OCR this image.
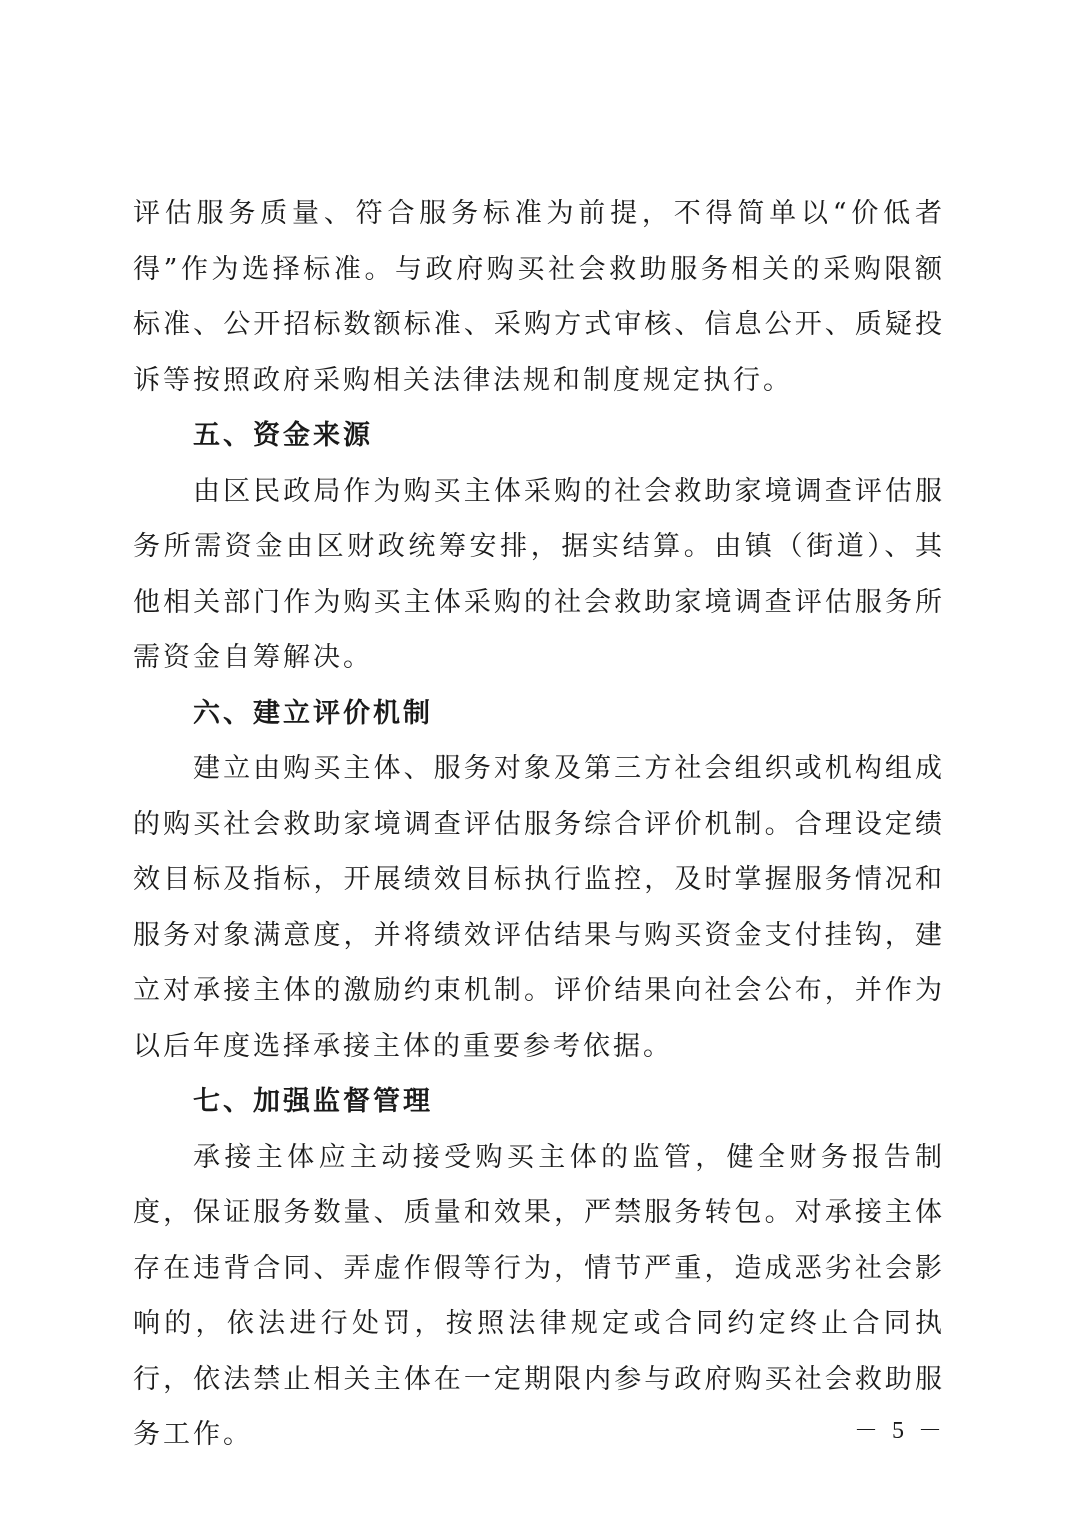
评估服务质量、符合服务标准为前提，不得简单以“价低者得”作为选择标准。与政府购买社会救助服务相关的采购限额标准、公开招标数额标准、采购方式审核、信息公开、质疑投诉等按照政府采购相关法律法规和制度规定执行。

五、资金来源

由区民政局作为购买主体采购的社会救助家境调查评估服务所需资金由区财政统筹安排，据实结算。由镇（街道）、其他相关部门作为购买主体采购的社会救助家境调查评估服务所需资金自筹解决。

六、建立评价机制

建立由购买主体、服务对象及第三方社会组织或机构组成的购买社会救助家境调查评估服务综合评价机制。合理设定绩效目标及指标，开展绩效目标执行监控，及时掌握服务情况和服务对象满意度，并将绩效评估结果与购买资金支付挂钩，建立对承接主体的激励约束机制。评价结果向社会公布，并作为以后年度选择承接主体的重要参考依据。

七、加强监督管理

承接主体应主动接受购买主体的监管，健全财务报告制度，保证服务数量、质量和效果，严禁服务转包。对承接主体存在违背合同、弄虚作假等行为，情节严重，造成恶劣社会影响的，依法进行处罚，按照法律规定或合同约定终止合同执行，依法禁止相关主体在一定期限内参与政府购买社会救助服务工作。	－ 5 －
